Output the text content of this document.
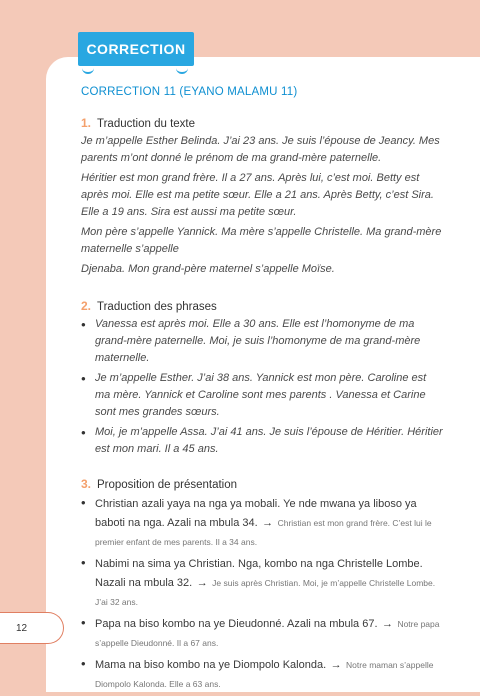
CORRECTION
12
CORRECTION 11 (EYANO MALAMU 11)
1. Traduction du texte

Je m’appelle Esther Belinda. J’ai 23 ans. Je suis l’épouse de Jeancy. Mes parents m’ont donné le prénom de ma grand-mère paternelle.

Héritier est mon grand frère. Il a 27 ans. Après lui, c’est moi. Betty est après moi. Elle est ma petite sœur. Elle a 21 ans. Après Betty, c’est Sira. Elle a 19 ans. Sira est aussi ma petite sœur.

Mon père s’appelle Yannick. Ma mère s’appelle Christelle. Ma grand-mère maternelle s’appelle

Djenaba. Mon grand-père maternel s’appelle Moïse.

2. Traduction des phrases
• Vanessa est après moi. Elle a 30 ans. Elle est l’homonyme de ma grand-mère paternelle. Moi, je suis l’homonyme de ma grand-mère maternelle.
• Je m’appelle Esther. J’ai 38 ans. Yannick est mon père. Caroline est ma mère. Yannick et Caroline sont mes parents . Vanessa et Carine sont mes grandes sœurs.
• Moi, je m’appelle Assa. J’ai 41 ans. Je suis l’épouse de Héritier. Héritier est mon mari. Il a 45 ans.
3. Proposition de présentation
• Christian azali yaya na nga ya mobali. Ye nde mwana ya liboso ya baboti na nga. Azali na mbula 34. → Christian est mon grand frère. C’est lui le premier enfant de mes parents. Il a 34 ans.
• Nabimi na sima ya Christian. Nga, kombo na nga Christelle Lombe. Nazali na mbula 32. → Je suis après Christian. Moi, je m’appelle Christelle Lombe. J’ai 32 ans.
• Papa na biso kombo na ye Dieudonné. Azali na mbula 67. → Notre papa s’appelle Dieudonné. Il a 67 ans.
• Mama na biso kombo na ye Diompolo Kalonda. → Notre maman s’appelle Diompolo Kalonda. Elle a 63 ans.
